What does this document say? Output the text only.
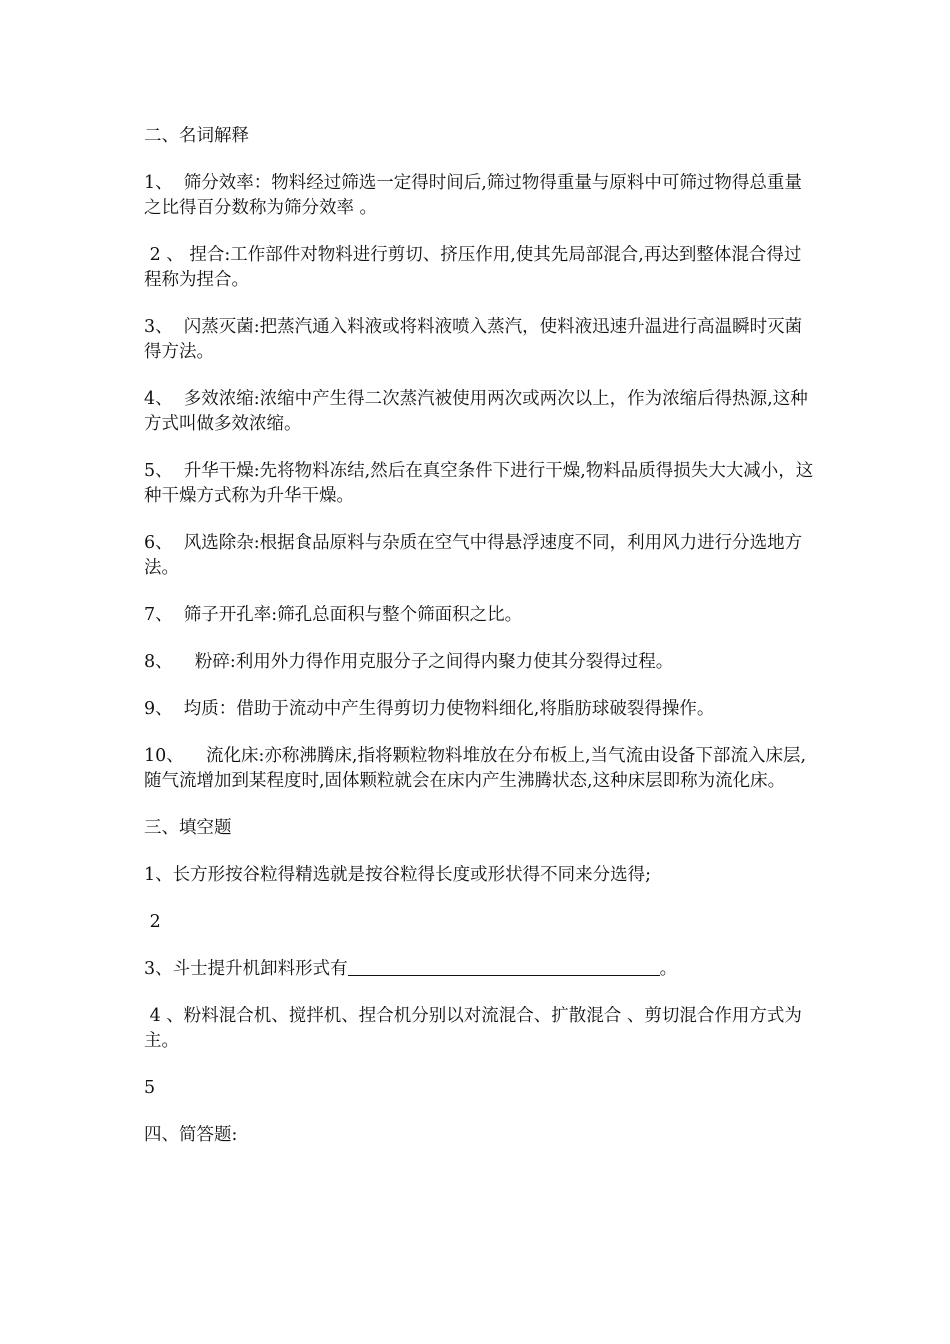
二、名词解释

1、  筛分效率：物料经过筛选一定得时间后,筛过物得重量与原料中可筛过物得总重量之比得百分数称为筛分效率 。

2 、 捏合:工作部件对物料进行剪切、挤压作用,使其先局部混合,再达到整体混合得过程称为捏合。

3、  闪蒸灭菌:把蒸汽通入料液或将料液喷入蒸汽，使料液迅速升温进行高温瞬时灭菌得方法。

4、  多效浓缩:浓缩中产生得二次蒸汽被使用两次或两次以上，作为浓缩后得热源,这种方式叫做多效浓缩。

5、  升华干燥:先将物料冻结,然后在真空条件下进行干燥,物料品质得损失大大减小，这种干燥方式称为升华干燥。

6、  风选除杂:根据食品原料与杂质在空气中得悬浮速度不同，利用风力进行分选地方法。

7、  筛子开孔率:筛孔总面积与整个筛面积之比。

8、    粉碎:利用外力得作用克服分子之间得内聚力使其分裂得过程。

9、  均质：借助于流动中产生得剪切力使物料细化,将脂肪球破裂得操作。

10、    流化床:亦称沸腾床,指将颗粒物料堆放在分布板上,当气流由设备下部流入床层,随气流增加到某程度时,固体颗粒就会在床内产生沸腾状态,这种床层即称为流化床。

三、填空题

1、长方形按谷粒得精选就是按谷粒得长度或形状得不同来分选得;

2

3、斗士提升机卸料形式有	。

4 、粉料混合机、搅拌机、捏合机分别以对流混合、扩散混合 、剪切混合作用方式为主。

5

四、简答题:
